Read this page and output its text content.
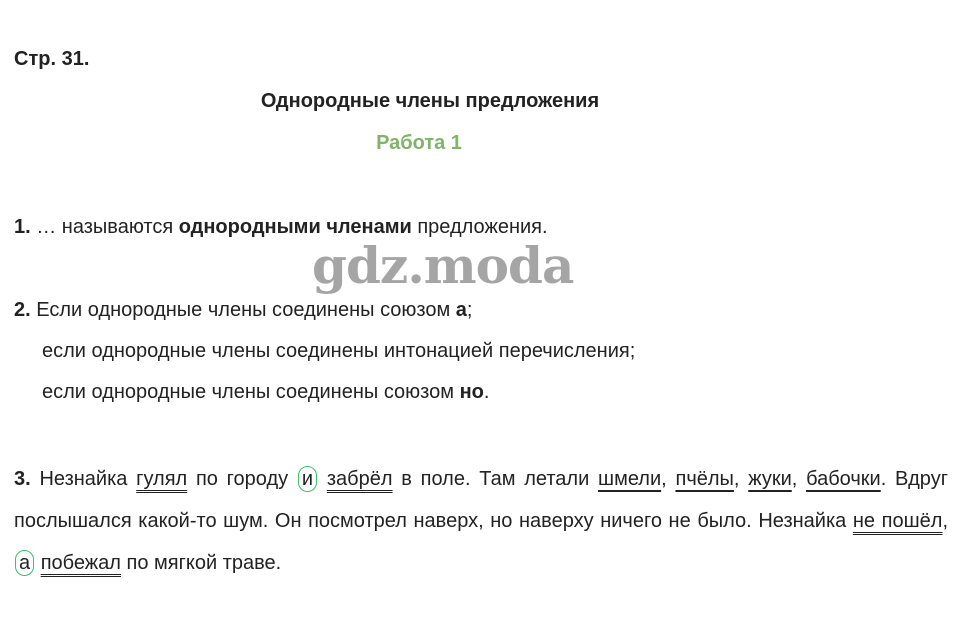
Стр. 31.
Однородные члены предложения
Работа 1
1. … называются однородными членами предложения.
gdz.moda
2. Если однородные члены соединены союзом а;
если однородные члены соединены интонацией перечисления;
если однородные члены соединены союзом но.
3. Незнайка гулял по городу и забрёл в поле. Там летали шмели, пчёлы, жуки, бабочки. Вдруг послышался какой-то шум. Он посмотрел наверх, но наверху ничего не было. Незнайка не пошёл,а побежал по мягкой траве.
